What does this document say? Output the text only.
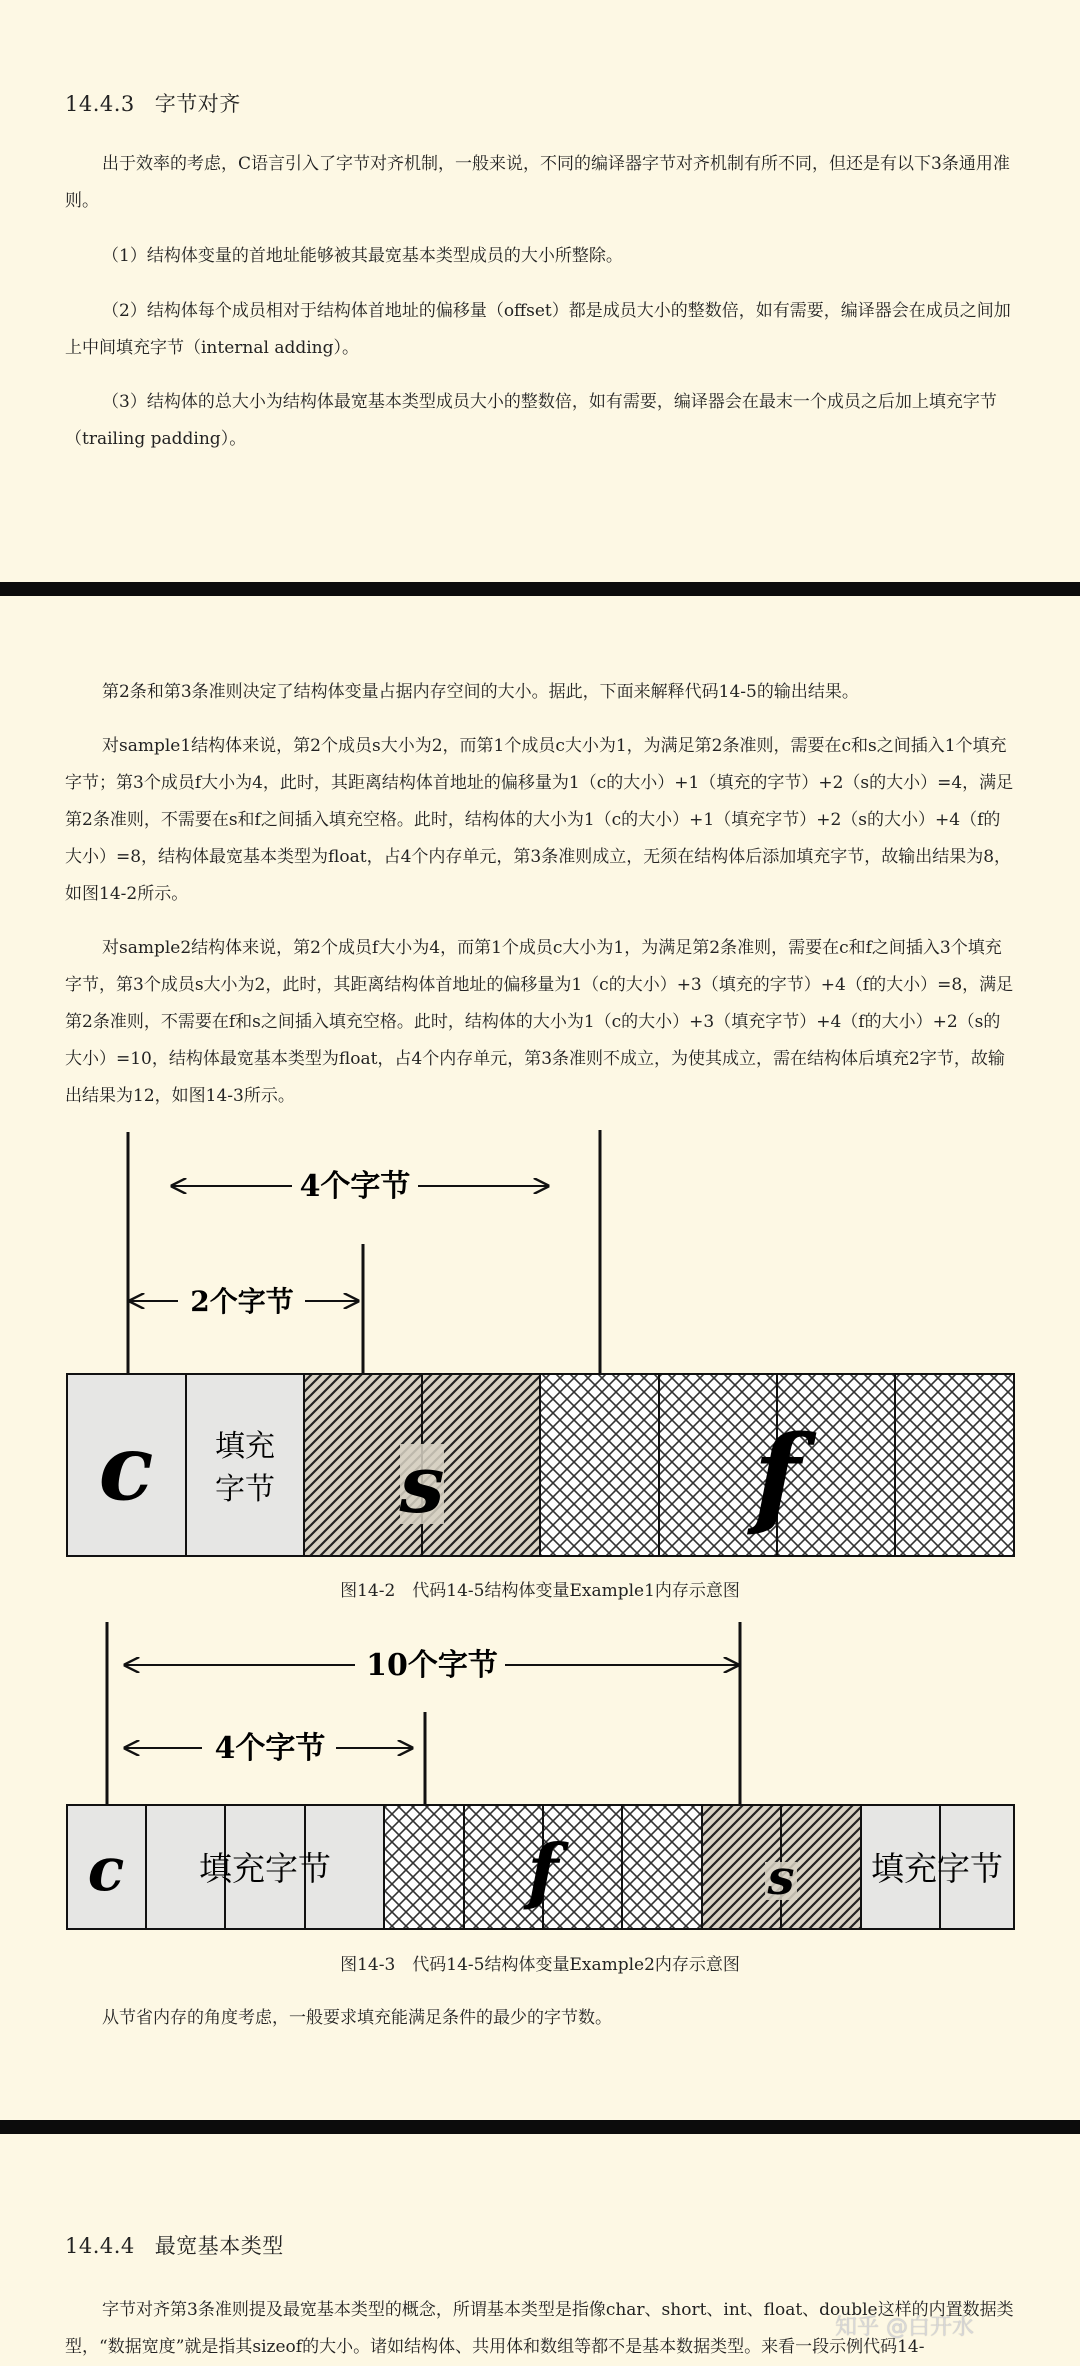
14.4.3 字节对齐

出于效率的考虑，C语言引入了字节对齐机制，一般来说，不同的编译器字节对齐机制有所不同，但还是有以下3条通用准则。

（1）结构体变量的首地址能够被其最宽基本类型成员的大小所整除。

（2）结构体每个成员相对于结构体首地址的偏移量（offset）都是成员大小的整数倍，如有需要，编译器会在成员之间加上中间填充字节（internal adding）。

（3）结构体的总大小为结构体最宽基本类型成员大小的整数倍，如有需要，编译器会在最末一个成员之后加上填充字节（trailing padding）。

第2条和第3条准则决定了结构体变量占据内存空间的大小。据此，下面来解释代码14-5的输出结果。

对sample1结构体来说，第2个成员s大小为2，而第1个成员c大小为1，为满足第2条准则，需要在c和s之间插入1个填充字节；第3个成员f大小为4，此时，其距离结构体首地址的偏移量为1（c的大小）+1（填充的字节）+2（s的大小）=4，满足第2条准则，不需要在s和f之间插入填充空格。此时，结构体的大小为1（c的大小）+1（填充字节）+2（s的大小）+4（f的大小）=8，结构体最宽基本类型为float，占4个内存单元，第3条准则成立，无须在结构体后添加填充字节，故输出结果为8，如图14-2所示。

对sample2结构体来说，第2个成员f大小为4，而第1个成员c大小为1，为满足第2条准则，需要在c和f之间插入3个填充字节，第3个成员s大小为2，此时，其距离结构体首地址的偏移量为1（c的大小）+3（填充的字节）+4（f的大小）=8，满足第2条准则，不需要在f和s之间插入填充空格。此时，结构体的大小为1（c的大小）+3（填充字节）+4（f的大小）+2（s的大小）=10，结构体最宽基本类型为float，占4个内存单元，第3条准则不成立，为使其成立，需在结构体后填充2字节，故输出结果为12，如图14-3所示。

4个字节
2个字节
c 填充
字节 s	f
图14-2　代码14-5结构体变量Example1内存示意图
10个字节
4个字节
c 填充字节	f	s 填充字节
图14-3　代码14-5结构体变量Example2内存示意图

从节省内存的角度考虑，一般要求填充能满足条件的最少的字节数。

14.4.4 最宽基本类型

字节对齐第3条准则提及最宽基本类型的概念，所谓基本类型是指像char、short、int、float、double这样的内置数据类型，“数据宽度”就是指其sizeof的大小。诸如结构体、共用体和数组等都不是基本数据类型。来看一段示例代码14-

知乎 @白开水
